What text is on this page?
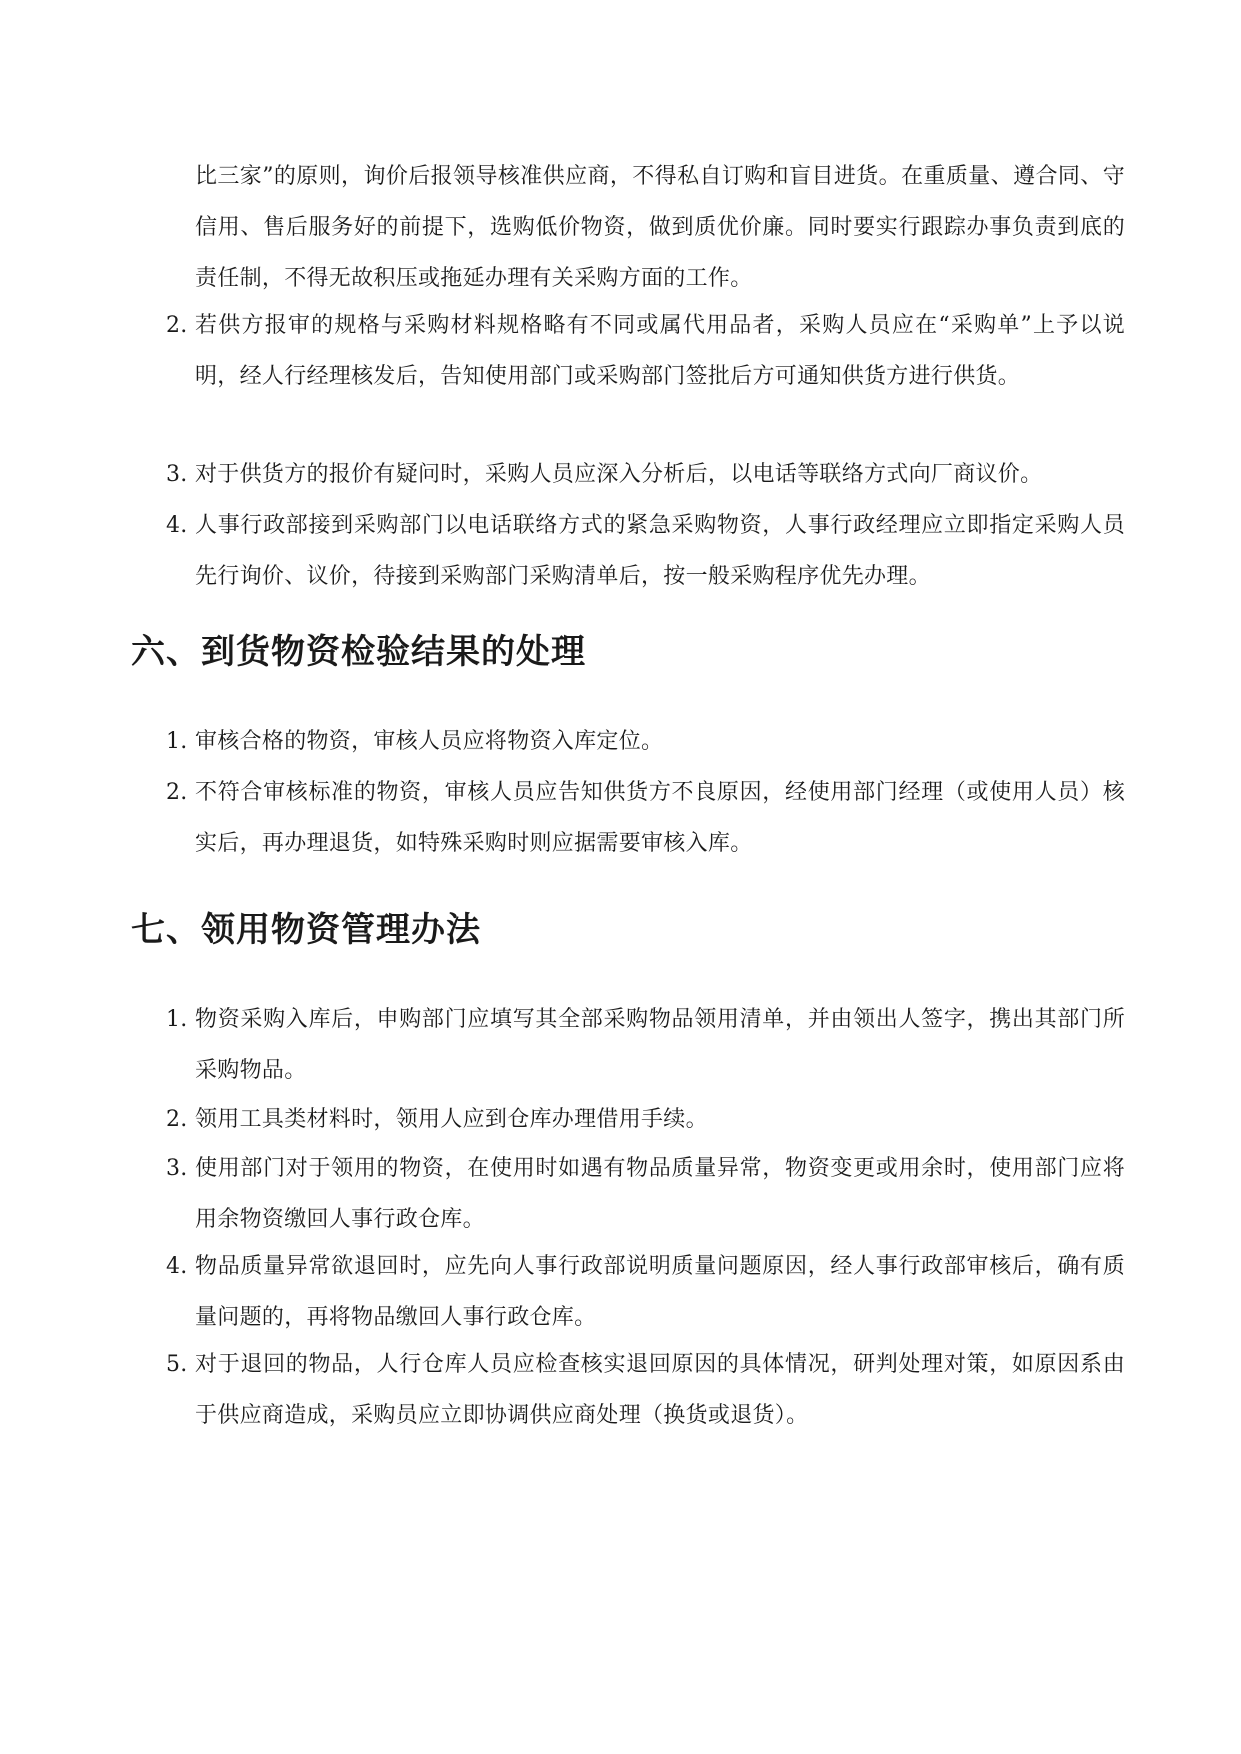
比三家”的原则，询价后报领导核准供应商，不得私自订购和盲目进货。在重质量、遵合同、守信用、售后服务好的前提下，选购低价物资，做到质优价廉。同时要实行跟踪办事负责到底的责任制，不得无故积压或拖延办理有关采购方面的工作。
2. 若供方报审的规格与采购材料规格略有不同或属代用品者，采购人员应在“采购单”上予以说明，经人行经理核发后，告知使用部门或采购部门签批后方可通知供货方进行供货。
3. 对于供货方的报价有疑问时，采购人员应深入分析后，以电话等联络方式向厂商议价。
4. 人事行政部接到采购部门以电话联络方式的紧急采购物资，人事行政经理应立即指定采购人员先行询价、议价，待接到采购部门采购清单后，按一般采购程序优先办理。
六、到货物资检验结果的处理
1. 审核合格的物资，审核人员应将物资入库定位。
2. 不符合审核标准的物资，审核人员应告知供货方不良原因，经使用部门经理（或使用人员）核实后，再办理退货，如特殊采购时则应据需要审核入库。
七、领用物资管理办法
1. 物资采购入库后，申购部门应填写其全部采购物品领用清单，并由领出人签字，携出其部门所采购物品。
2. 领用工具类材料时，领用人应到仓库办理借用手续。
3. 使用部门对于领用的物资，在使用时如遇有物品质量异常，物资变更或用余时，使用部门应将用余物资缴回人事行政仓库。
4. 物品质量异常欲退回时，应先向人事行政部说明质量问题原因，经人事行政部审核后，确有质量问题的，再将物品缴回人事行政仓库。
5. 对于退回的物品，人行仓库人员应检查核实退回原因的具体情况，研判处理对策，如原因系由于供应商造成，采购员应立即协调供应商处理（换货或退货）。
